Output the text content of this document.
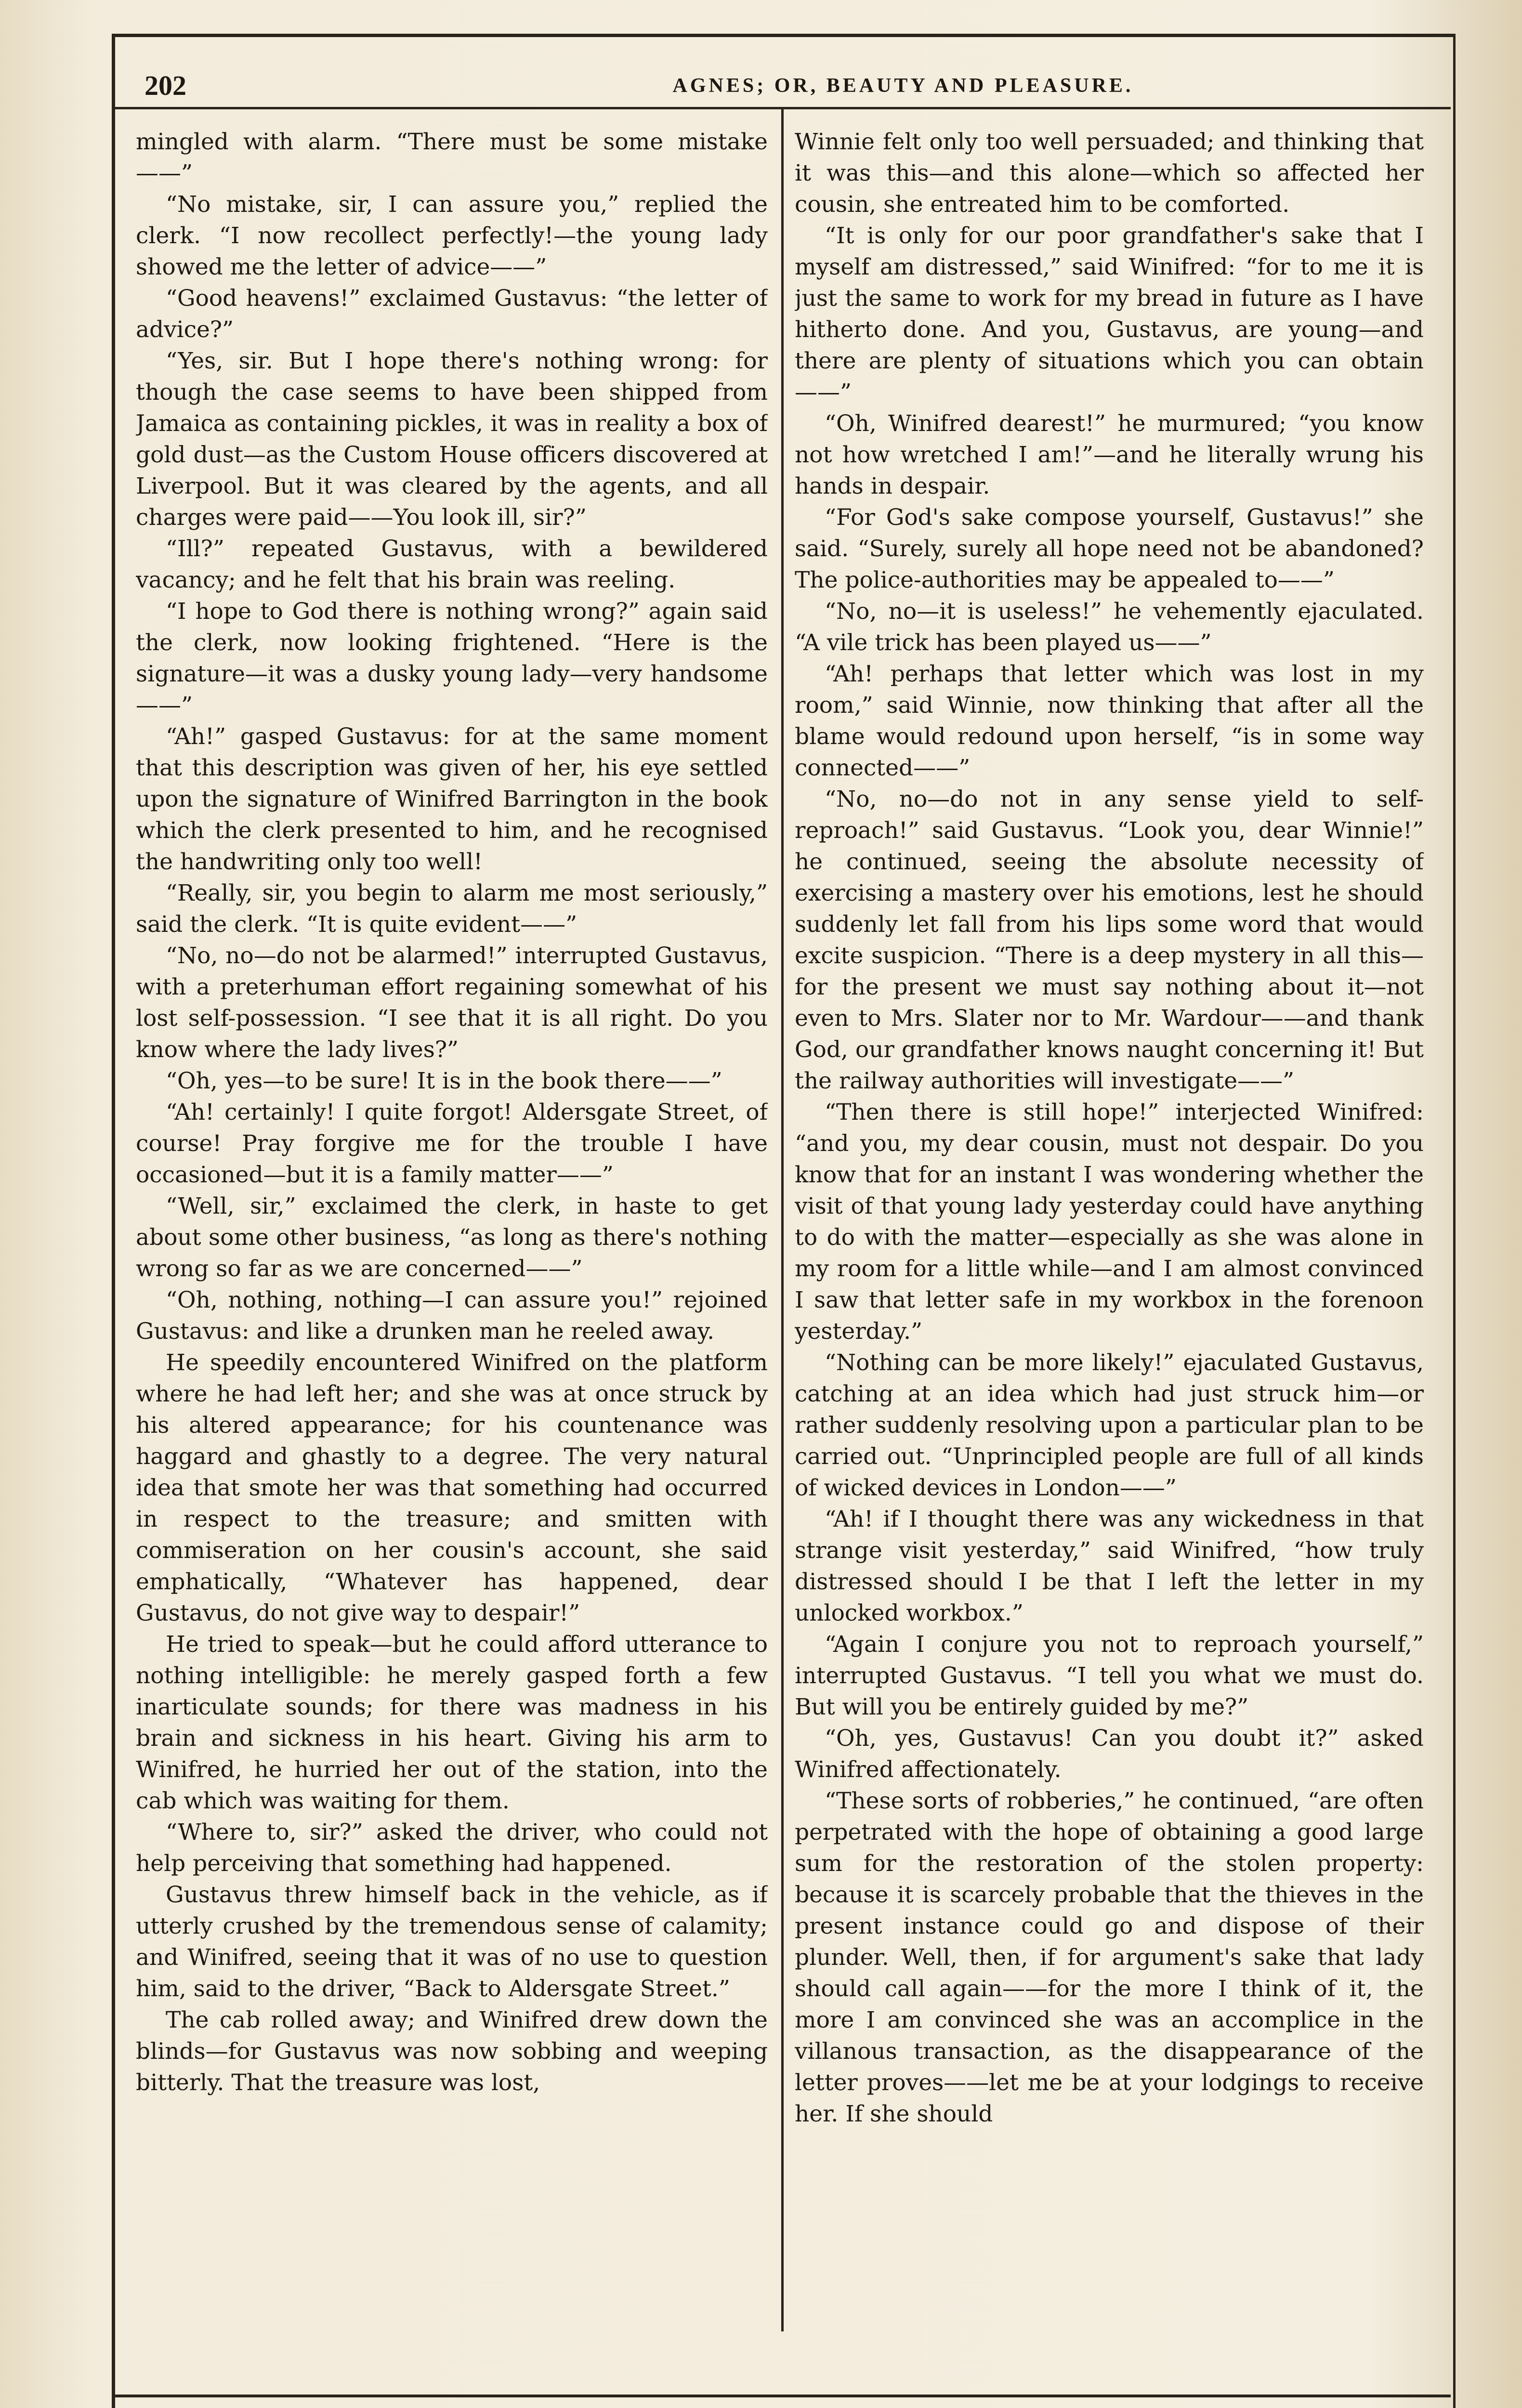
202	AGNES; OR, BEAUTY AND PLEASURE.

mingled with alarm. “There must be some mistake——”

“No mistake, sir, I can assure you,” replied the clerk. “I now recollect perfectly!—the young lady showed me the letter of advice——”

“Good heavens!” exclaimed Gustavus: “the letter of advice?”

“Yes, sir. But I hope there's nothing wrong: for though the case seems to have been shipped from Jamaica as containing pickles, it was in reality a box of gold dust—as the Custom House officers discovered at Liverpool. But it was cleared by the agents, and all charges were paid——You look ill, sir?”

“Ill?” repeated Gustavus, with a bewildered vacancy; and he felt that his brain was reeling.

“I hope to God there is nothing wrong?” again said the clerk, now looking frightened. “Here is the signature—it was a dusky young lady—very handsome——”

“Ah!” gasped Gustavus: for at the same moment that this description was given of her, his eye settled upon the signature of Winifred Barrington in the book which the clerk presented to him, and he recognised the handwriting only too well!

“Really, sir, you begin to alarm me most seriously,” said the clerk. “It is quite evident——”

“No, no—do not be alarmed!” interrupted Gustavus, with a preterhuman effort regaining somewhat of his lost self-possession. “I see that it is all right. Do you know where the lady lives?”

“Oh, yes—to be sure! It is in the book there——”

“Ah! certainly! I quite forgot! Aldersgate Street, of course! Pray forgive me for the trouble I have occasioned—but it is a family matter——”

“Well, sir,” exclaimed the clerk, in haste to get about some other business, “as long as there's nothing wrong so far as we are concerned——”

“Oh, nothing, nothing—I can assure you!” rejoined Gustavus: and like a drunken man he reeled away.

He speedily encountered Winifred on the platform where he had left her; and she was at once struck by his altered appearance; for his countenance was haggard and ghastly to a degree. The very natural idea that smote her was that something had occurred in respect to the treasure; and smitten with commiseration on her cousin's account, she said emphatically, “Whatever has happened, dear Gustavus, do not give way to despair!”

He tried to speak—but he could afford utterance to nothing intelligible: he merely gasped forth a few inarticulate sounds; for there was madness in his brain and sickness in his heart. Giving his arm to Winifred, he hurried her out of the station, into the cab which was waiting for them.

“Where to, sir?” asked the driver, who could not help perceiving that something had happened.

Gustavus threw himself back in the vehicle, as if utterly crushed by the tremendous sense of calamity; and Winifred, seeing that it was of no use to question him, said to the driver, “Back to Aldersgate Street.”

The cab rolled away; and Winifred drew down the blinds—for Gustavus was now sobbing and weeping bitterly. That the treasure was lost,

Winnie felt only too well persuaded; and thinking that it was this—and this alone—which so affected her cousin, she entreated him to be comforted.

“It is only for our poor grandfather's sake that I myself am distressed,” said Winifred: “for to me it is just the same to work for my bread in future as I have hitherto done. And you, Gustavus, are young—and there are plenty of situations which you can obtain——”

“Oh, Winifred dearest!” he murmured; “you know not how wretched I am!”—and he literally wrung his hands in despair.

“For God's sake compose yourself, Gustavus!” she said. “Surely, surely all hope need not be abandoned? The police-authorities may be appealed to——”

“No, no—it is useless!” he vehemently ejaculated. “A vile trick has been played us——”

“Ah! perhaps that letter which was lost in my room,” said Winnie, now thinking that after all the blame would redound upon herself, “is in some way connected——”

“No, no—do not in any sense yield to self-reproach!” said Gustavus. “Look you, dear Winnie!” he continued, seeing the absolute necessity of exercising a mastery over his emotions, lest he should suddenly let fall from his lips some word that would excite suspicion. “There is a deep mystery in all this—for the present we must say nothing about it—not even to Mrs. Slater nor to Mr. Wardour——and thank God, our grandfather knows naught concerning it! But the railway authorities will investigate——”

“Then there is still hope!” interjected Winifred: “and you, my dear cousin, must not despair. Do you know that for an instant I was wondering whether the visit of that young lady yesterday could have anything to do with the matter—especially as she was alone in my room for a little while—and I am almost convinced I saw that letter safe in my workbox in the forenoon yesterday.”

“Nothing can be more likely!” ejaculated Gustavus, catching at an idea which had just struck him—or rather suddenly resolving upon a particular plan to be carried out. “Unprincipled people are full of all kinds of wicked devices in London——”

“Ah! if I thought there was any wickedness in that strange visit yesterday,” said Winifred, “how truly distressed should I be that I left the letter in my unlocked workbox.”

“Again I conjure you not to reproach yourself,” interrupted Gustavus. “I tell you what we must do. But will you be entirely guided by me?”

“Oh, yes, Gustavus! Can you doubt it?” asked Winifred affectionately.

“These sorts of robberies,” he continued, “are often perpetrated with the hope of obtaining a good large sum for the restoration of the stolen property: because it is scarcely probable that the thieves in the present instance could go and dispose of their plunder. Well, then, if for argument's sake that lady should call again——for the more I think of it, the more I am convinced she was an accomplice in the villanous transaction, as the disappearance of the letter proves——let me be at your lodgings to receive her. If she should
